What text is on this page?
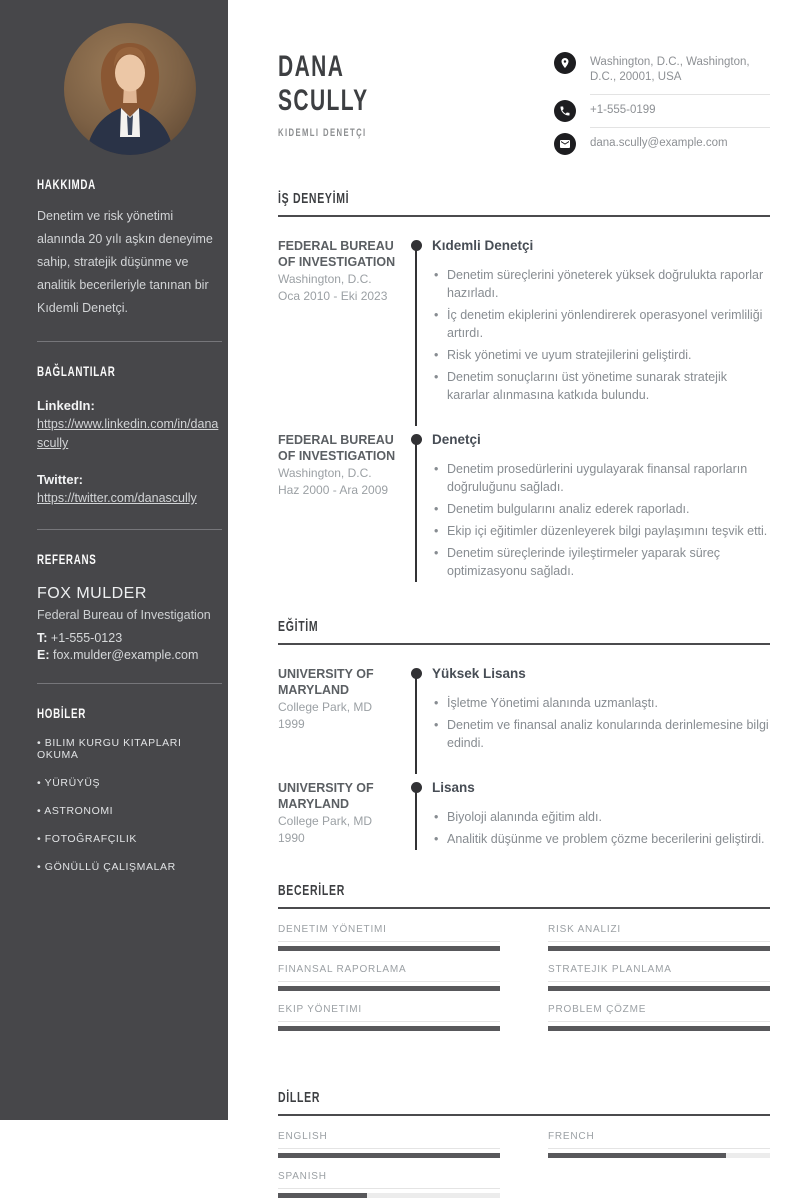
HAKKIMDA
Denetim ve risk yönetimi alanında 20 yılı aşkın deneyime sahip, stratejik düşünme ve analitik becerileriyle tanınan bir Kıdemli Denetçi.
BAĞLANTILAR
LinkedIn:
https://www.linkedin.com/in/danascully
Twitter:
https://twitter.com/danascully
REFERANS
FOX MULDER
Federal Bureau of Investigation
T: +1-555-0123
E: fox.mulder@example.com
HOBİLER
• BILIM KURGU KITAPLARI OKUMA
• YÜRÜYÜŞ
• ASTRONOMI
• FOTOĞRAFÇILIK
• GÖNÜLLÜ ÇALIŞMALAR
DANA
SCULLY
KIDEMLI DENETÇI
Washington, D.C., Washington, D.C., 20001, USA
+1-555-0199
dana.scully@example.com
İŞ DENEYİMİ
FEDERAL BUREAU OF INVESTIGATION
Washington, D.C.
Oca 2010 - Eki 2023
Kıdemli Denetçi
• Denetim süreçlerini yöneterek yüksek doğrulukta raporlar hazırladı.
• İç denetim ekiplerini yönlendirerek operasyonel verimliliği artırdı.
• Risk yönetimi ve uyum stratejilerini geliştirdi.
• Denetim sonuçlarını üst yönetime sunarak stratejik kararlar alınmasına katkıda bulundu.
FEDERAL BUREAU OF INVESTIGATION
Washington, D.C.
Haz 2000 - Ara 2009
Denetçi
• Denetim prosedürlerini uygulayarak finansal raporların doğruluğunu sağladı.
• Denetim bulgularını analiz ederek raporladı.
• Ekip içi eğitimler düzenleyerek bilgi paylaşımını teşvik etti.
• Denetim süreçlerinde iyileştirmeler yaparak süreç optimizasyonu sağladı.
EĞİTİM
UNIVERSITY OF MARYLAND
College Park, MD
1999
Yüksek Lisans
• İşletme Yönetimi alanında uzmanlaştı.
• Denetim ve finansal analiz konularında derinlemesine bilgi edindi.
UNIVERSITY OF MARYLAND
College Park, MD
1990
Lisans
• Biyoloji alanında eğitim aldı.
• Analitik düşünme ve problem çözme becerilerini geliştirdi.
BECERİLER
DENETIM YÖNETIMI	RISK ANALIZI
FINANSAL RAPORLAMA	STRATEJIK PLANLAMA
EKIP YÖNETIMI	PROBLEM ÇÖZME
DİLLER
ENGLISH	FRENCH
SPANISH
